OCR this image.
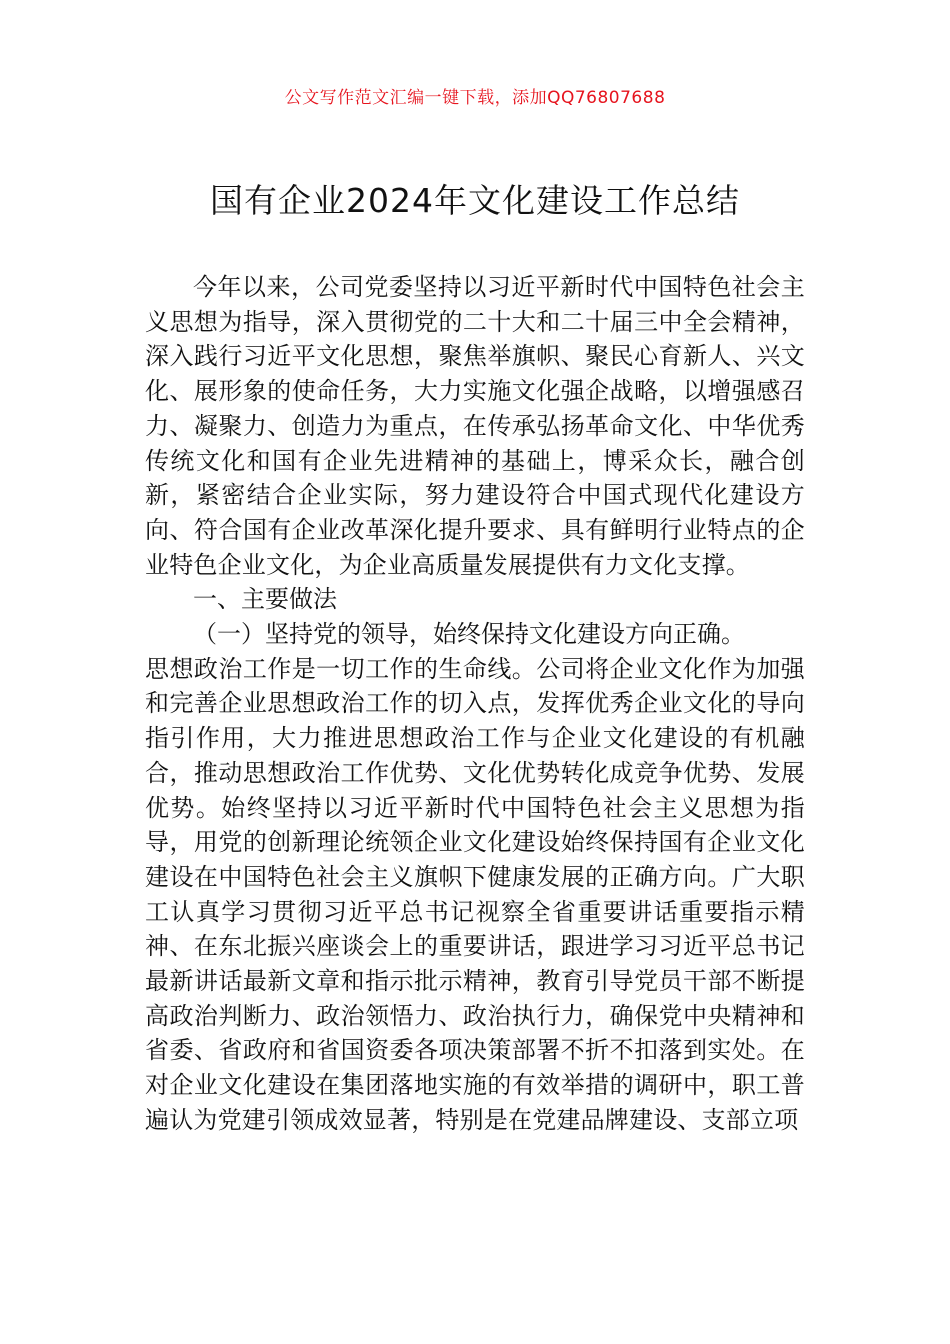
公文写作范文汇编一键下载，添加QQ76807688
国有企业2024年文化建设工作总结

今年以来，公司党委坚持以习近平新时代中国特色社会主义思想为指导，深入贯彻党的二十大和二十届三中全会精神，深入践行习近平文化思想，聚焦举旗帜、聚民心育新人、兴文化、展形象的使命任务，大力实施文化强企战略，以增强感召力、凝聚力、创造力为重点，在传承弘扬革命文化、中华优秀传统文化和国有企业先进精神的基础上，博采众长，融合创新，紧密结合企业实际，努力建设符合中国式现代化建设方向、符合国有企业改革深化提升要求、具有鲜明行业特点的企业特色企业文化，为企业高质量发展提供有力文化支撑。

一、主要做法

（一）坚持党的领导，始终保持文化建设方向正确。

思想政治工作是一切工作的生命线。公司将企业文化作为加强和完善企业思想政治工作的切入点，发挥优秀企业文化的导向指引作用，大力推进思想政治工作与企业文化建设的有机融合，推动思想政治工作优势、文化优势转化成竞争优势、发展优势。始终坚持以习近平新时代中国特色社会主义思想为指导，用党的创新理论统领企业文化建设始终保持国有企业文化建设在中国特色社会主义旗帜下健康发展的正确方向。广大职工认真学习贯彻习近平总书记视察全省重要讲话重要指示精神、在东北振兴座谈会上的重要讲话，跟进学习习近平总书记最新讲话最新文章和指示批示精神，教育引导党员干部不断提高政治判断力、政治领悟力、政治执行力，确保党中央精神和省委、省政府和省国资委各项决策部署不折不扣落到实处。在对企业文化建设在集团落地实施的有效举措的调研中，职工普遍认为党建引领成效显著，特别是在党建品牌建设、支部立项
